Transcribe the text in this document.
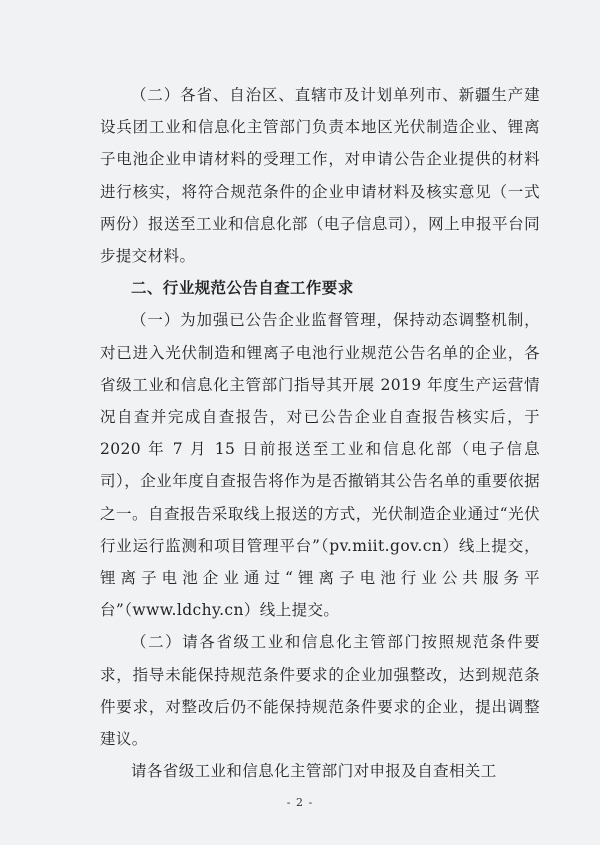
（二）各省、自治区、直辖市及计划单列市、新疆生产建设兵团工业和信息化主管部门负责本地区光伏制造企业、锂离子电池企业申请材料的受理工作，对申请公告企业提供的材料进行核实，将符合规范条件的企业申请材料及核实意见（一式两份）报送至工业和信息化部（电子信息司），网上申报平台同步提交材料。

二、行业规范公告自查工作要求

（一）为加强已公告企业监督管理，保持动态调整机制，对已进入光伏制造和锂离子电池行业规范公告名单的企业，各省级工业和信息化主管部门指导其开展 2019 年度生产运营情况自查并完成自查报告，对已公告企业自查报告核实后，于 2020 年 7 月 15 日前报送至工业和信息化部（电子信息司），企业年度自查报告将作为是否撤销其公告名单的重要依据之一。自查报告采取线上报送的方式，光伏制造企业通过“光伏行业运行监测和项目管理平台”（pv.miit.gov.cn）线上提交，锂离子电池企业通过“锂离子电池行业公共服务平台”（www.ldchy.cn）线上提交。

（二）请各省级工业和信息化主管部门按照规范条件要求，指导未能保持规范条件要求的企业加强整改，达到规范条件要求，对整改后仍不能保持规范条件要求的企业，提出调整建议。

请各省级工业和信息化主管部门对申报及自查相关工

- 2 -
